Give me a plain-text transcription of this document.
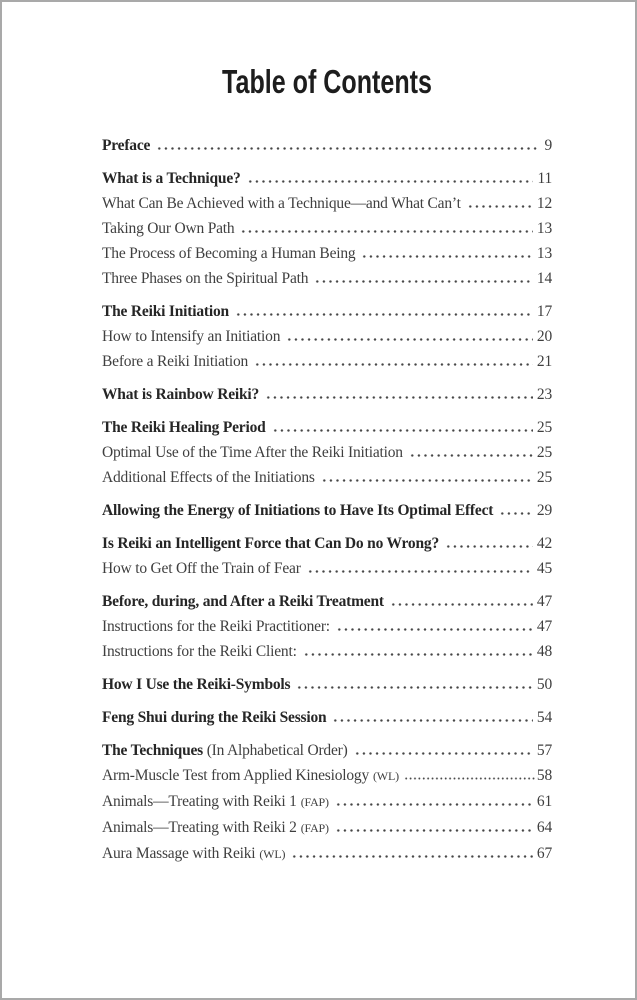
Table of Contents
Preface	9
What is a Technique?	11
What Can Be Achieved with a Technique—and What Can’t	12
Taking Our Own Path	13
The Process of Becoming a Human Being	13
Three Phases on the Spiritual Path	14
The Reiki Initiation	17
How to Intensify an Initiation	20
Before a Reiki Initiation	21
What is Rainbow Reiki?	23
The Reiki Healing Period	25
Optimal Use of the Time After the Reiki Initiation	25
Additional Effects of the Initiations	25
Allowing the Energy of Initiations to Have Its Optimal Effect	29
Is Reiki an Intelligent Force that Can Do no Wrong?	42
How to Get Off the Train of Fear	45
Before, during, and After a Reiki Treatment	47
Instructions for the Reiki Practitioner:	47
Instructions for the Reiki Client:	48
How I Use the Reiki-Symbols	50
Feng Shui during the Reiki Session	54
The Techniques (In Alphabetical Order)	57
Arm-Muscle Test from Applied Kinesiology (WL)	58
Animals—Treating with Reiki 1 (FAP)	61
Animals—Treating with Reiki 2 (FAP)	64
Aura Massage with Reiki (WL)	67
